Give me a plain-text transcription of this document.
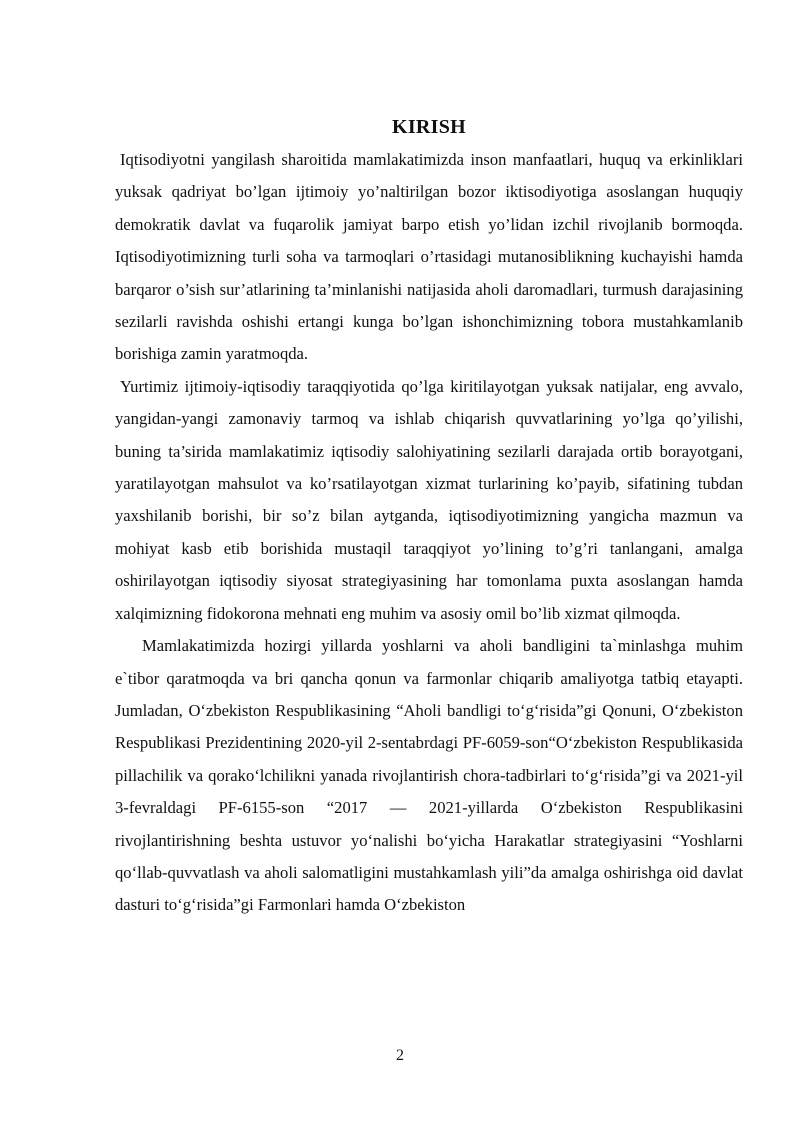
KIRISH

Iqtisodiyotni yangilash sharoitida mamlakatimizda inson manfaatlari, huquq va erkinliklari yuksak qadriyat bo’lgan ijtimoiy yo’naltirilgan bozor iktisodiyotiga asoslangan huquqiy demokratik davlat va fuqarolik jamiyat barpo etish yo’lidan izchil rivojlanib bormoqda. Iqtisodiyotimizning turli soha va tarmoqlari o’rtasidagi mutanosiblikning kuchayishi hamda barqaror o’sish sur’atlarining ta’minlanishi natijasida aholi daromadlari, turmush darajasining sezilarli ravishda oshishi ertangi kunga bo’lgan ishonchimizning tobora mustahkamlanib borishiga zamin yaratmoqda.

Yurtimiz ijtimoiy-iqtisodiy taraqqiyotida qo’lga kiritilayotgan yuksak natijalar, eng avvalo, yangidan-yangi zamonaviy tarmoq va ishlab chiqarish quvvatlarining yo’lga qo’yilishi, buning ta’sirida mamlakatimiz iqtisodiy salohiyatining sezilarli darajada ortib borayotgani, yaratilayotgan mahsulot va ko’rsatilayotgan xizmat turlarining ko’payib, sifatining tubdan yaxshilanib borishi, bir so’z bilan aytganda, iqtisodiyotimizning yangicha mazmun va mohiyat kasb etib borishida mustaqil taraqqiyot yo’lining to’g’ri tanlangani, amalga oshirilayotgan iqtisodiy siyosat strategiyasining har tomonlama puxta asoslangan hamda xalqimizning fidokorona mehnati eng muhim va asosiy omil bo’lib xizmat qilmoqda.

Mamlakatimizda hozirgi yillarda yoshlarni va aholi bandligini ta`minlashga muhim e`tibor qaratmoqda va bri qancha qonun va farmonlar chiqarib amaliyotga tatbiq etayapti. Jumladan, O‘zbekiston Respublikasining “Aholi bandligi to‘g‘risida”gi Qonuni, O‘zbekiston Respublikasi Prezidentining 2020-yil 2-sentabrdagi PF-6059-son“O‘zbekiston Respublikasida pillachilik va qorako‘lchilikni yanada rivojlantirish chora-tadbirlari to‘g‘risida”gi va 2021-yil 3-fevraldagi PF-6155-son “2017 — 2021-yillarda O‘zbekiston Respublikasini rivojlantirishning beshta ustuvor yo‘nalishi bo‘yicha Harakatlar strategiyasini “Yoshlarni qo‘llab-quvvatlash va aholi salomatligini mustahkamlash yili”da amalga oshirishga oid davlat dasturi to‘g‘risida”gi Farmonlari hamda O‘zbekiston

2
